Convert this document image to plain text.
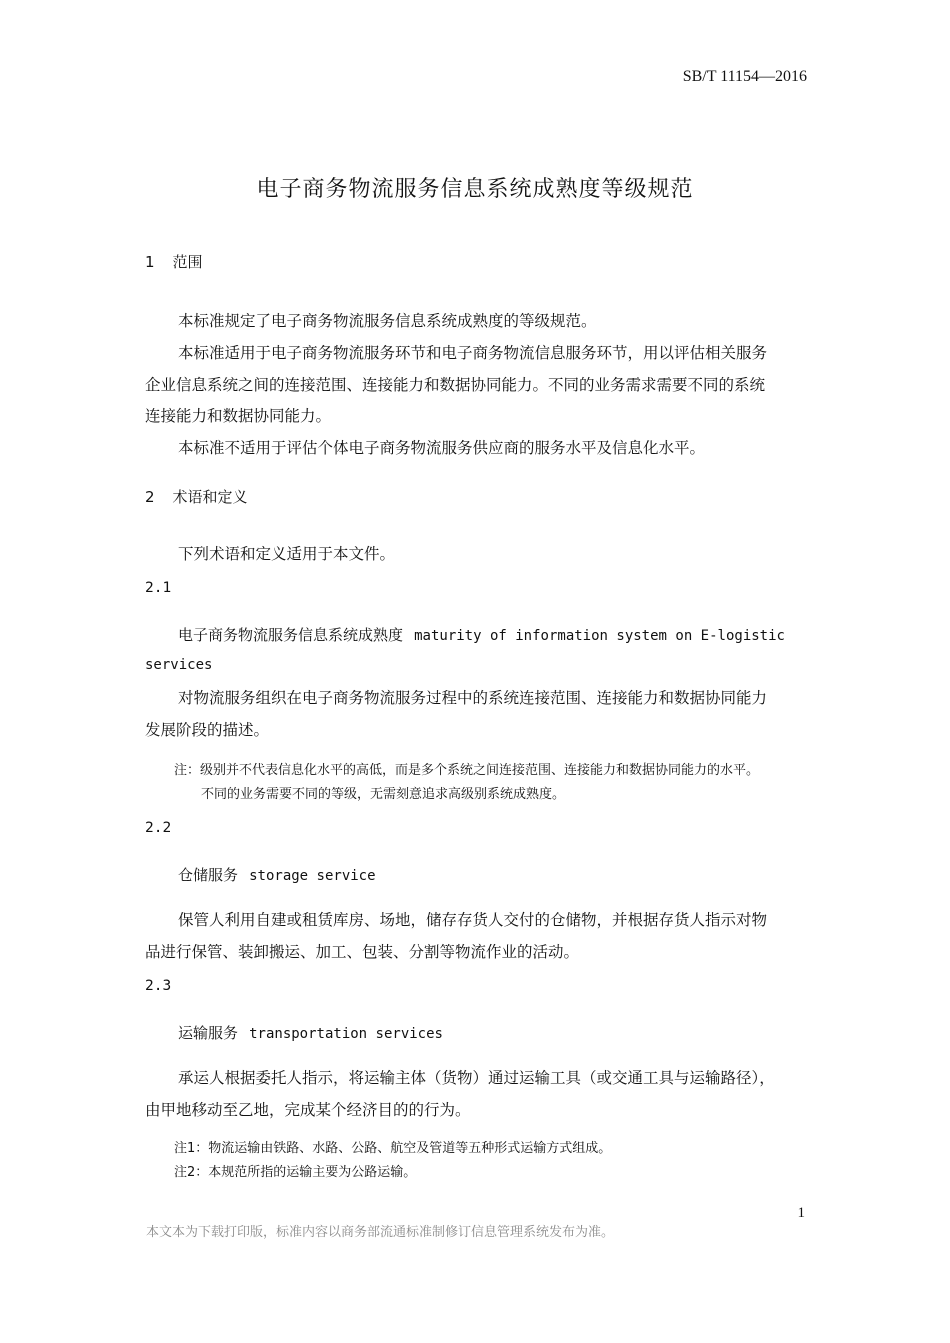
SB/T 11154—2016
电子商务物流服务信息系统成熟度等级规范
1 范围
本标准规定了电子商务物流服务信息系统成熟度的等级规范。
本标准适用于电子商务物流服务环节和电子商务物流信息服务环节，用以评估相关服务
企业信息系统之间的连接范围、连接能力和数据协同能力。不同的业务需求需要不同的系统
连接能力和数据协同能力。
本标准不适用于评估个体电子商务物流服务供应商的服务水平及信息化水平。
2 术语和定义
下列术语和定义适用于本文件。
2.1
电子商务物流服务信息系统成熟度 maturity of information system on E-logistic
services
对物流服务组织在电子商务物流服务过程中的系统连接范围、连接能力和数据协同能力
发展阶段的描述。
注：级别并不代表信息化水平的高低，而是多个系统之间连接范围、连接能力和数据协同能力的水平。
不同的业务需要不同的等级，无需刻意追求高级别系统成熟度。
2.2
仓储服务 storage service
保管人利用自建或租赁库房、场地，储存存货人交付的仓储物，并根据存货人指示对物
品进行保管、装卸搬运、加工、包装、分割等物流作业的活动。
2.3
运输服务 transportation services
承运人根据委托人指示，将运输主体（货物）通过运输工具（或交通工具与运输路径），
由甲地移动至乙地，完成某个经济目的的行为。
注1：物流运输由铁路、水路、公路、航空及管道等五种形式运输方式组成。
注2：本规范所指的运输主要为公路运输。
1
本文本为下载打印版，标准内容以商务部流通标准制修订信息管理系统发布为准。
